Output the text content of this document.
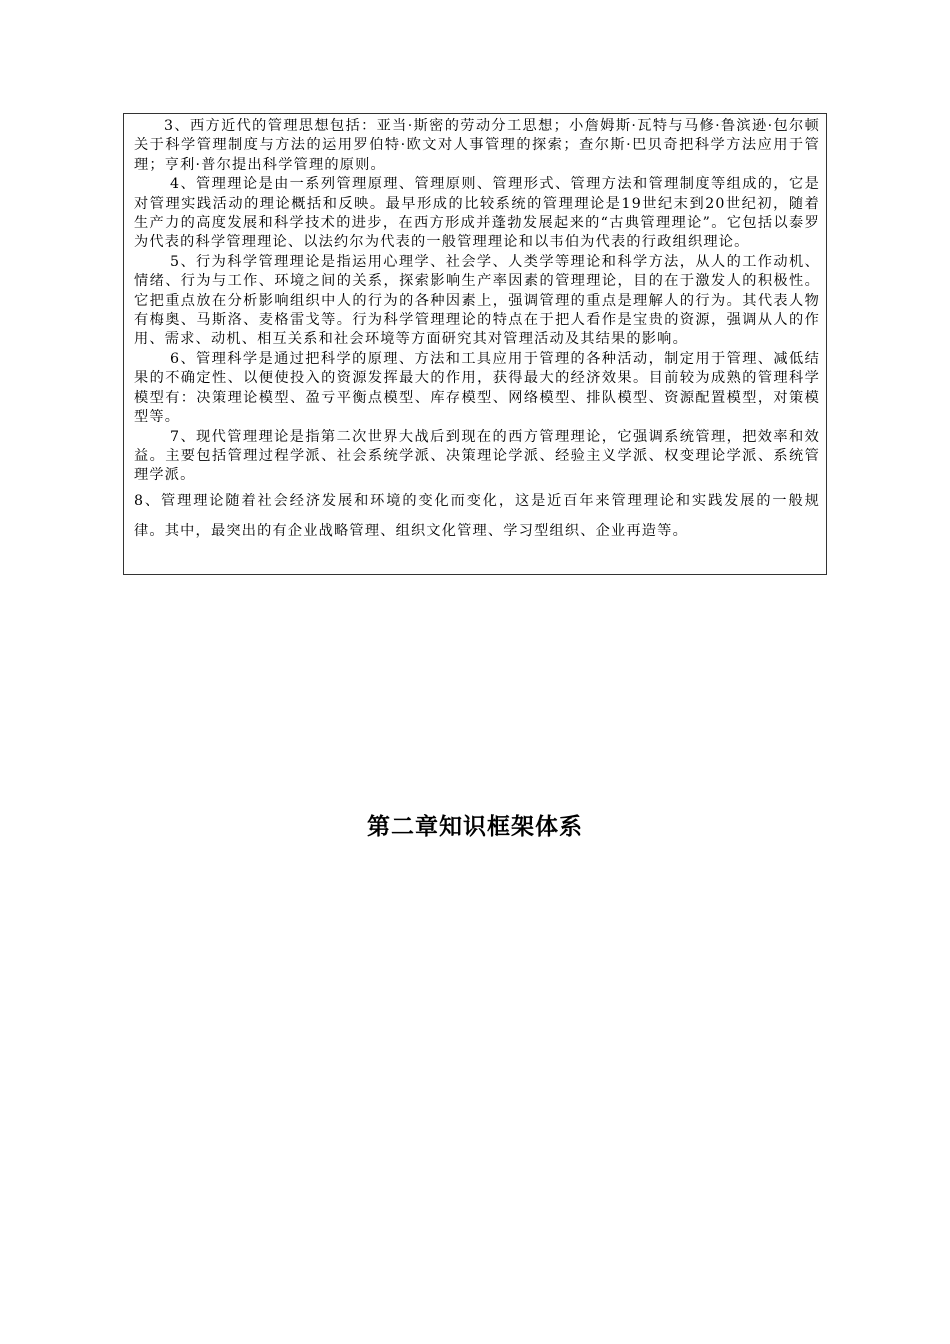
3、西方近代的管理思想包括：亚当·斯密的劳动分工思想；小詹姆斯·瓦特与马修·鲁滨逊·包尔顿关于科学管理制度与方法的运用罗伯特·欧文对人事管理的探索；查尔斯·巴贝奇把科学方法应用于管理；亨利·普尔提出科学管理的原则。

4、管理理论是由一系列管理原理、管理原则、管理形式、管理方法和管理制度等组成的，它是对管理实践活动的理论概括和反映。最早形成的比较系统的管理理论是19世纪末到20世纪初，随着生产力的高度发展和科学技术的进步，在西方形成并蓬勃发展起来的“古典管理理论”。它包括以泰罗为代表的科学管理理论、以法约尔为代表的一般管理理论和以韦伯为代表的行政组织理论。

5、行为科学管理理论是指运用心理学、社会学、人类学等理论和科学方法，从人的工作动机、情绪、行为与工作、环境之间的关系，探索影响生产率因素的管理理论，目的在于激发人的积极性。它把重点放在分析影响组织中人的行为的各种因素上，强调管理的重点是理解人的行为。其代表人物有梅奥、马斯洛、麦格雷戈等。行为科学管理理论的特点在于把人看作是宝贵的资源，强调从人的作用、需求、动机、相互关系和社会环境等方面研究其对管理活动及其结果的影响。

6、管理科学是通过把科学的原理、方法和工具应用于管理的各种活动，制定用于管理、减低结果的不确定性、以便使投入的资源发挥最大的作用，获得最大的经济效果。目前较为成熟的管理科学模型有：决策理论模型、盈亏平衡点模型、库存模型、网络模型、排队模型、资源配置模型，对策模型等。

7、现代管理理论是指第二次世界大战后到现在的西方管理理论，它强调系统管理，把效率和效益。主要包括管理过程学派、社会系统学派、决策理论学派、经验主义学派、权变理论学派、系统管理学派。

8、管理理论随着社会经济发展和环境的变化而变化，这是近百年来管理理论和实践发展的一般规律。其中，最突出的有企业战略管理、组织文化管理、学习型组织、企业再造等。

第二章知识框架体系
